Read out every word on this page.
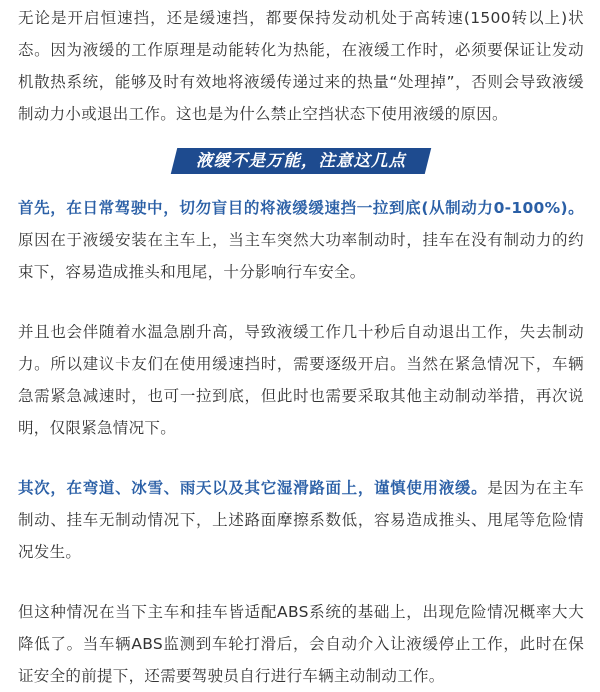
无论是开启恒速挡，还是缓速挡，都要保持发动机处于高转速(1500转以上)状态。因为液缓的工作原理是动能转化为热能，在液缓工作时，必须要保证让发动机散热系统，能够及时有效地将液缓传递过来的热量“处理掉”，否则会导致液缓制动力小或退出工作。这也是为什么禁止空挡状态下使用液缓的原因。

液缓不是万能，注意这几点

首先，在日常驾驶中，切勿盲目的将液缓缓速挡一拉到底(从制动力0-100%)。原因在于液缓安装在主车上，当主车突然大功率制动时，挂车在没有制动力的约束下，容易造成推头和甩尾，十分影响行车安全。

并且也会伴随着水温急剧升高，导致液缓工作几十秒后自动退出工作，失去制动力。所以建议卡友们在使用缓速挡时，需要逐级开启。当然在紧急情况下，车辆急需紧急减速时，也可一拉到底，但此时也需要采取其他主动制动举措，再次说明，仅限紧急情况下。

其次，在弯道、冰雪、雨天以及其它湿滑路面上，谨慎使用液缓。是因为在主车制动、挂车无制动情况下，上述路面摩擦系数低，容易造成推头、甩尾等危险情况发生。

但这种情况在当下主车和挂车皆适配ABS系统的基础上，出现危险情况概率大大降低了。当车辆ABS监测到车轮打滑后，会自动介入让液缓停止工作，此时在保证安全的前提下，还需要驾驶员自行进行车辆主动制动工作。
